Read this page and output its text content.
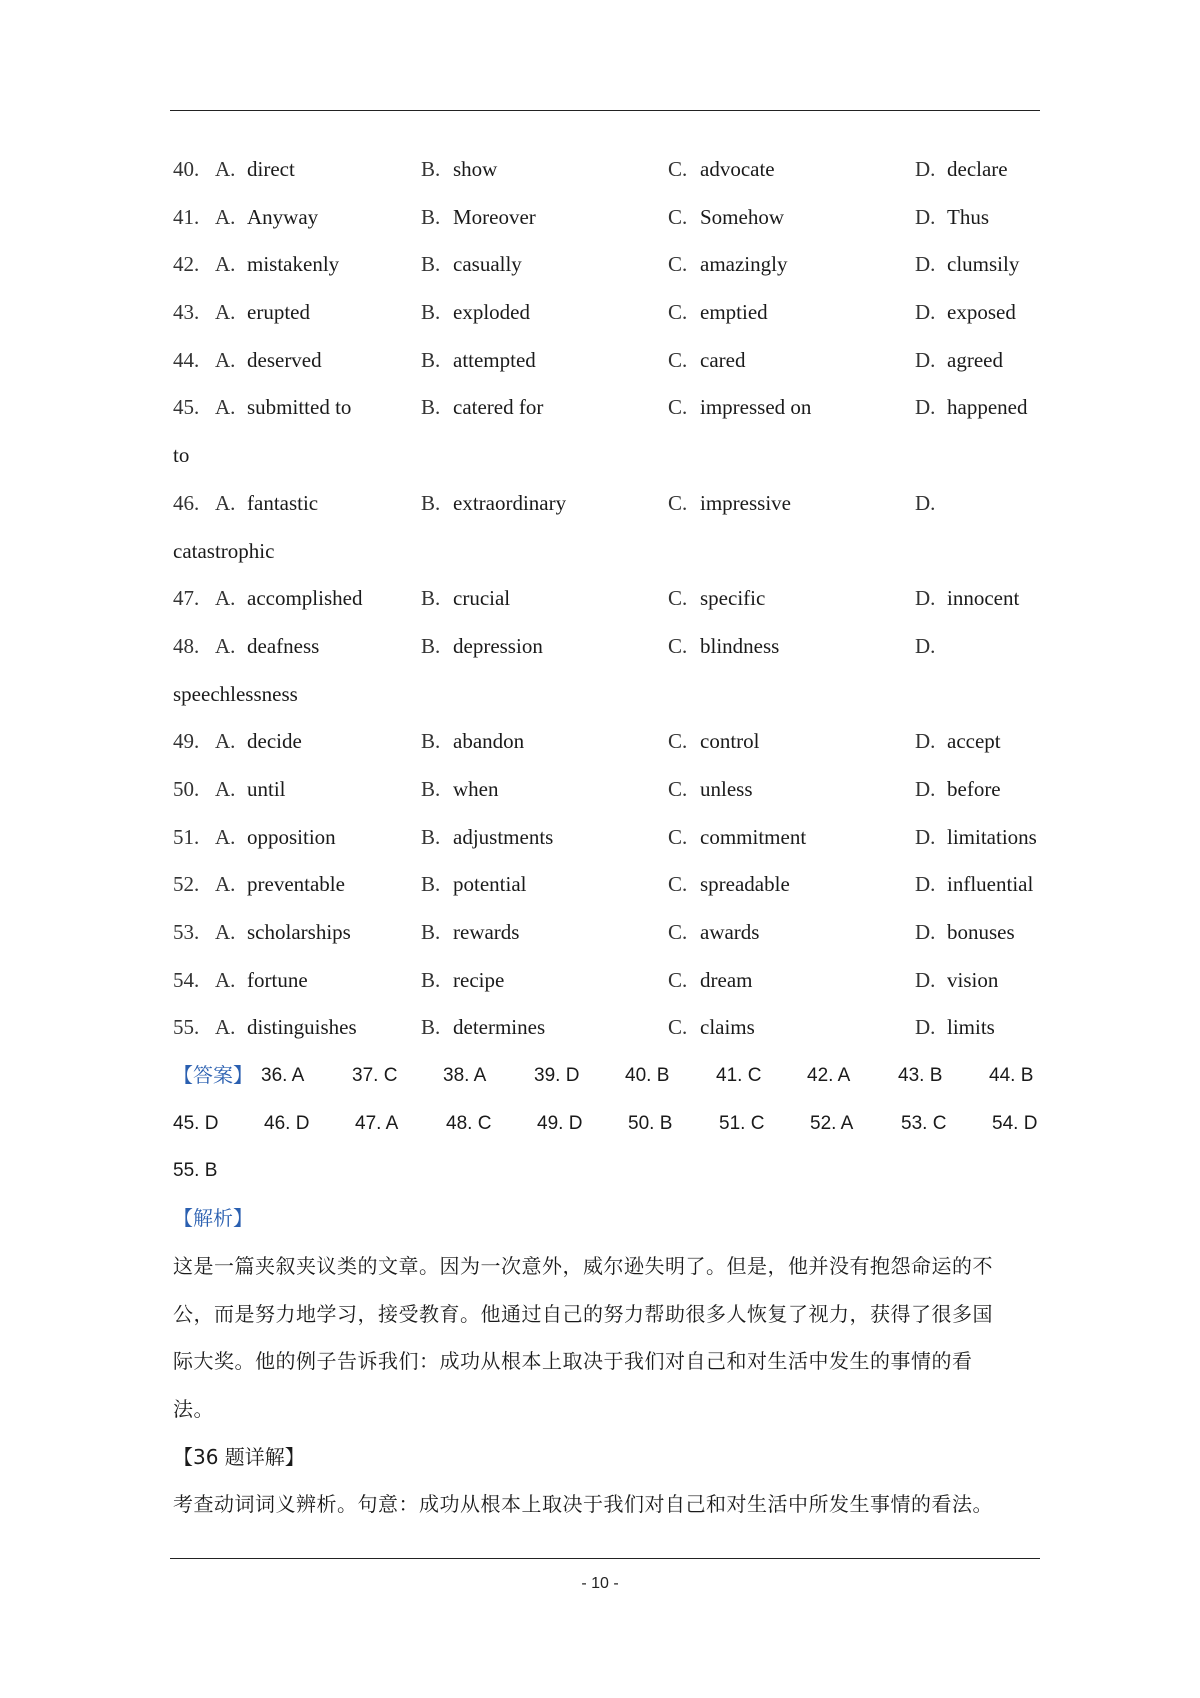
40. A. direct	B. show	C. advocate	D. declare
41. A. Anyway	B. Moreover	C. Somehow	D. Thus
42. A. mistakenly	B. casually	C. amazingly	D. clumsily
43. A. erupted	B. exploded	C. emptied	D. exposed
44. A. deserved	B. attempted	C. cared	D. agreed
45. A. submitted to	B. catered for	C. impressed on	D. happened
to
46. A. fantastic	B. extraordinary	C. impressive	D.
catastrophic
47. A. accomplished	B. crucial	C. specific	D. innocent
48. A. deafness	B. depression	C. blindness	D.
speechlessness
49. A. decide	B. abandon	C. control	D. accept
50. A. until	B. when	C. unless	D. before
51. A. opposition	B. adjustments	C. commitment	D. limitations
52. A. preventable	B. potential	C. spreadable	D. influential
53. A. scholarships	B. rewards	C. awards	D. bonuses
54. A. fortune	B. recipe	C. dream	D. vision
55. A. distinguishes	B. determines	C. claims	D. limits
【答案】 36. A	37. C 38. A	39. D 40. B 41. C 42. A	43. B 44. B
45. D 46. D 47. A	48. C 49. D 50. B 51. C 52. A	53. C 54. D
55. B
【解析】
这是一篇夹叙夹议类的文章。因为一次意外，威尔逊失明了。但是，他并没有抱怨命运的不
公，而是努力地学习，接受教育。他通过自己的努力帮助很多人恢复了视力，获得了很多国
际大奖。他的例子告诉我们：成功从根本上取决于我们对自己和对生活中发生的事情的看
法。
【36 题详解】
考查动词词义辨析。句意：成功从根本上取决于我们对自己和对生活中所发生事情的看法。
- 10 -
